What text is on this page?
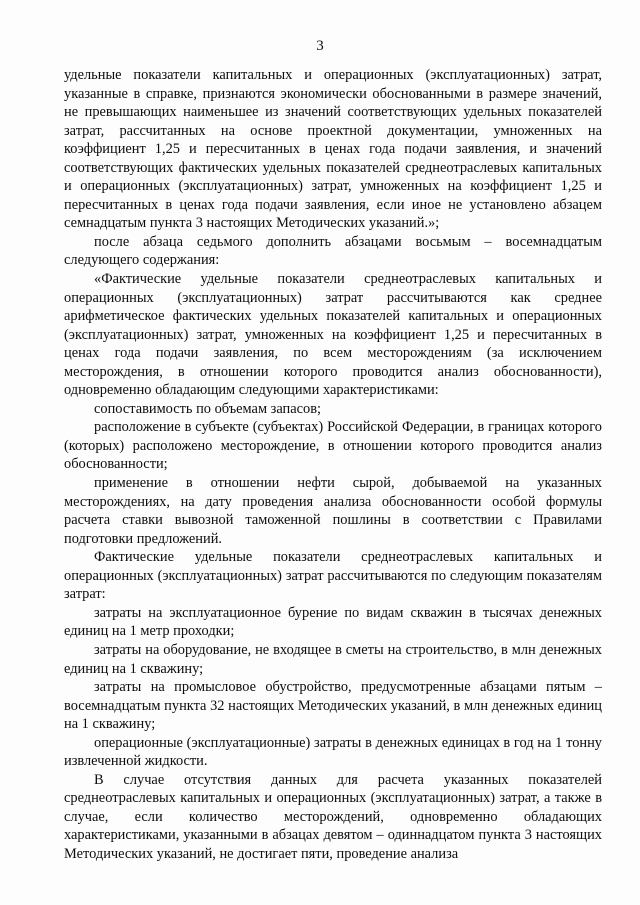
3

удельные показатели капитальных и операционных (эксплуатационных) затрат, указанные в справке, признаются экономически обоснованными в размере значений, не превышающих наименьшее из значений соответствующих удельных показателей затрат, рассчитанных на основе проектной документации, умноженных на коэффициент 1,25 и пересчитанных в ценах года подачи заявления, и значений соответствующих фактических удельных показателей среднеотраслевых капитальных и операционных (эксплуатационных) затрат, умноженных на коэффициент 1,25 и пересчитанных в ценах года подачи заявления, если иное не установлено абзацем семнадцатым пункта 3 настоящих Методических указаний.»;

после абзаца седьмого дополнить абзацами восьмым – восемнадцатым следующего содержания:

«Фактические удельные показатели среднеотраслевых капитальных и операционных (эксплуатационных) затрат рассчитываются как среднее арифметическое фактических удельных показателей капитальных и операционных (эксплуатационных) затрат, умноженных на коэффициент 1,25 и пересчитанных в ценах года подачи заявления, по всем месторождениям (за исключением месторождения, в отношении которого проводится анализ обоснованности), одновременно обладающим следующими характеристиками:

сопоставимость по объемам запасов;

расположение в субъекте (субъектах) Российской Федерации, в границах которого (которых) расположено месторождение, в отношении которого проводится анализ обоснованности;

применение в отношении нефти сырой, добываемой на указанных месторождениях, на дату проведения анализа обоснованности особой формулы расчета ставки вывозной таможенной пошлины в соответствии с Правилами подготовки предложений.

Фактические удельные показатели среднеотраслевых капитальных и операционных (эксплуатационных) затрат рассчитываются по следующим показателям затрат:

затраты на эксплуатационное бурение по видам скважин в тысячах денежных единиц на 1 метр проходки;

затраты на оборудование, не входящее в сметы на строительство, в млн денежных единиц на 1 скважину;

затраты на промысловое обустройство, предусмотренные абзацами пятым – восемнадцатым пункта 32 настоящих Методических указаний, в млн денежных единиц на 1 скважину;

операционные (эксплуатационные) затраты в денежных единицах в год на 1 тонну извлеченной жидкости.

В случае отсутствия данных для расчета указанных показателей среднеотраслевых капитальных и операционных (эксплуатационных) затрат, а также в случае, если количество месторождений, одновременно обладающих характеристиками, указанными в абзацах девятом – одиннадцатом пункта 3 настоящих Методических указаний, не достигает пяти, проведение анализа
